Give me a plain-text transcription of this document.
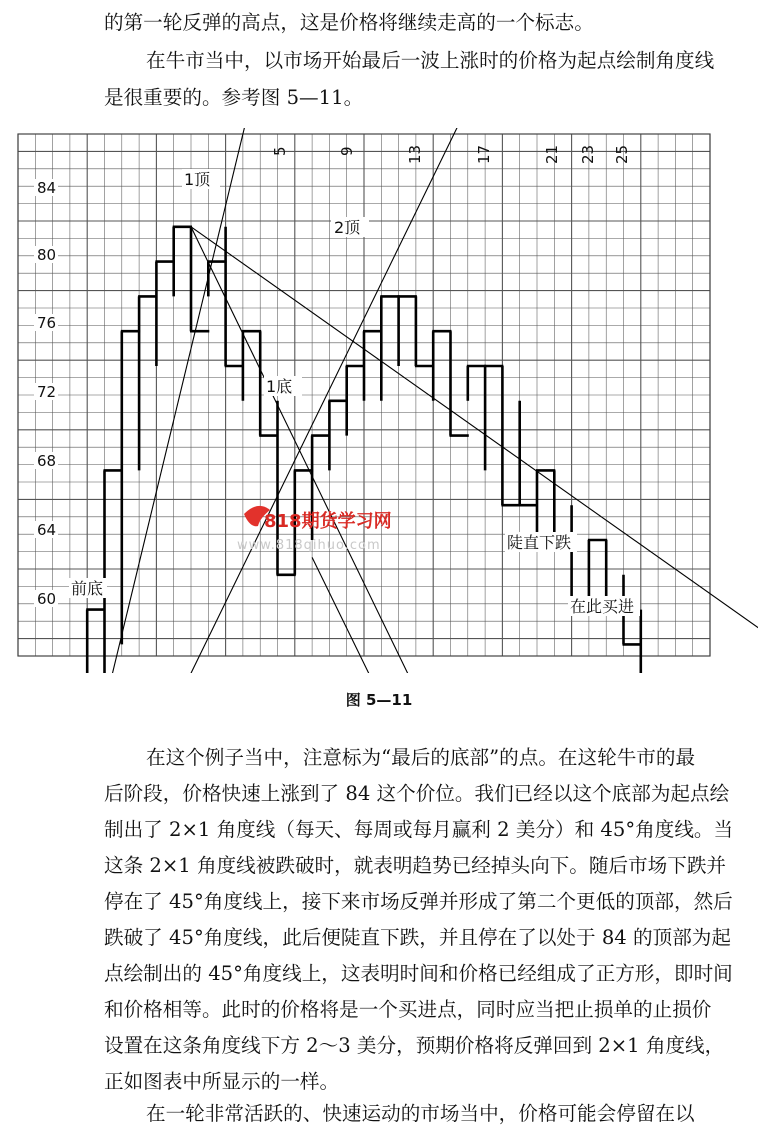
的第一轮反弹的高点，这是价格将继续走高的一个标志。
在牛市当中，以市场开始最后一波上涨时的价格为起点绘制角度线
是很重要的。参考图 5—11。
818期货学习网
www.818qihuo.com
84
80
76
72
68
64
60
5	9	13	17	21 23 25
1顶
2顶
1底
前底
陡直下跌
在此买进
图 5—11
在这个例子当中，注意标为“最后的底部”的点。在这轮牛市的最
后阶段，价格快速上涨到了 84 这个价位。我们已经以这个底部为起点绘
制出了 2×1 角度线（每天、每周或每月赢利 2 美分）和 45°角度线。当
这条 2×1 角度线被跌破时，就表明趋势已经掉头向下。随后市场下跌并
停在了 45°角度线上，接下来市场反弹并形成了第二个更低的顶部，然后
跌破了 45°角度线，此后便陡直下跌，并且停在了以处于 84 的顶部为起
点绘制出的 45°角度线上，这表明时间和价格已经组成了正方形，即时间
和价格相等。此时的价格将是一个买进点，同时应当把止损单的止损价
设置在这条角度线下方 2～3 美分，预期价格将反弹回到 2×1 角度线，
正如图表中所显示的一样。
在一轮非常活跃的、快速运动的市场当中，价格可能会停留在以
